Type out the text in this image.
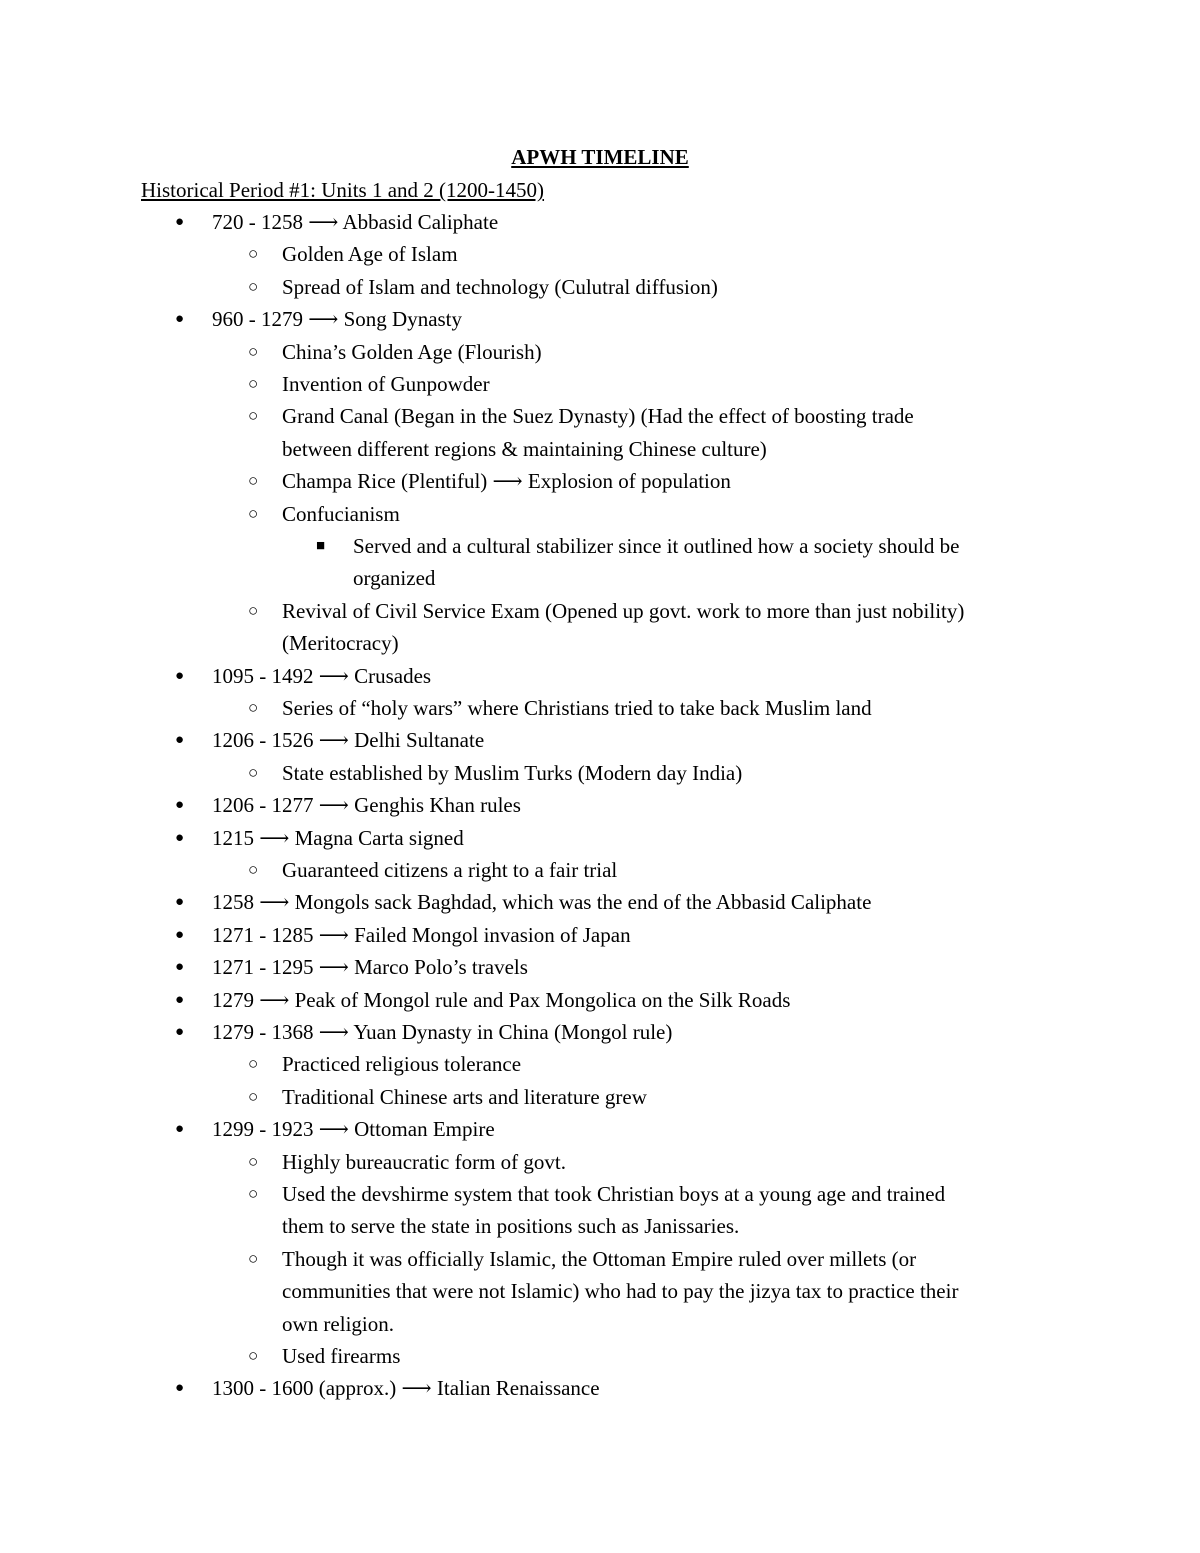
APWH TIMELINE
Historical Period #1: Units 1 and 2 (1200-1450)
● 720 - 1258 ⟶ Abbasid Caliphate
○ Golden Age of Islam
○ Spread of Islam and technology (Culutral diffusion)
● 960 - 1279 ⟶ Song Dynasty
○ China’s Golden Age (Flourish)
○ Invention of Gunpowder
○ Grand Canal (Began in the Suez Dynasty) (Had the effect of boosting trade
between different regions & maintaining Chinese culture)
○ Champa Rice (Plentiful) ⟶ Explosion of population
○ Confucianism
■ Served and a cultural stabilizer since it outlined how a society should be
organized
○ Revival of Civil Service Exam (Opened up govt. work to more than just nobility)
(Meritocracy)
● 1095 - 1492 ⟶ Crusades
○ Series of “holy wars” where Christians tried to take back Muslim land
● 1206 - 1526 ⟶ Delhi Sultanate
○ State established by Muslim Turks (Modern day India)
● 1206 - 1277 ⟶ Genghis Khan rules
● 1215 ⟶ Magna Carta signed
○ Guaranteed citizens a right to a fair trial
● 1258 ⟶ Mongols sack Baghdad, which was the end of the Abbasid Caliphate
● 1271 - 1285 ⟶ Failed Mongol invasion of Japan
● 1271 - 1295 ⟶ Marco Polo’s travels
● 1279 ⟶ Peak of Mongol rule and Pax Mongolica on the Silk Roads
● 1279 - 1368 ⟶ Yuan Dynasty in China (Mongol rule)
○ Practiced religious tolerance
○ Traditional Chinese arts and literature grew
● 1299 - 1923 ⟶ Ottoman Empire
○ Highly bureaucratic form of govt.
○ Used the devshirme system that took Christian boys at a young age and trained
them to serve the state in positions such as Janissaries.
○ Though it was officially Islamic, the Ottoman Empire ruled over millets (or
communities that were not Islamic) who had to pay the jizya tax to practice their
own religion.
○ Used firearms
● 1300 - 1600 (approx.) ⟶ Italian Renaissance
